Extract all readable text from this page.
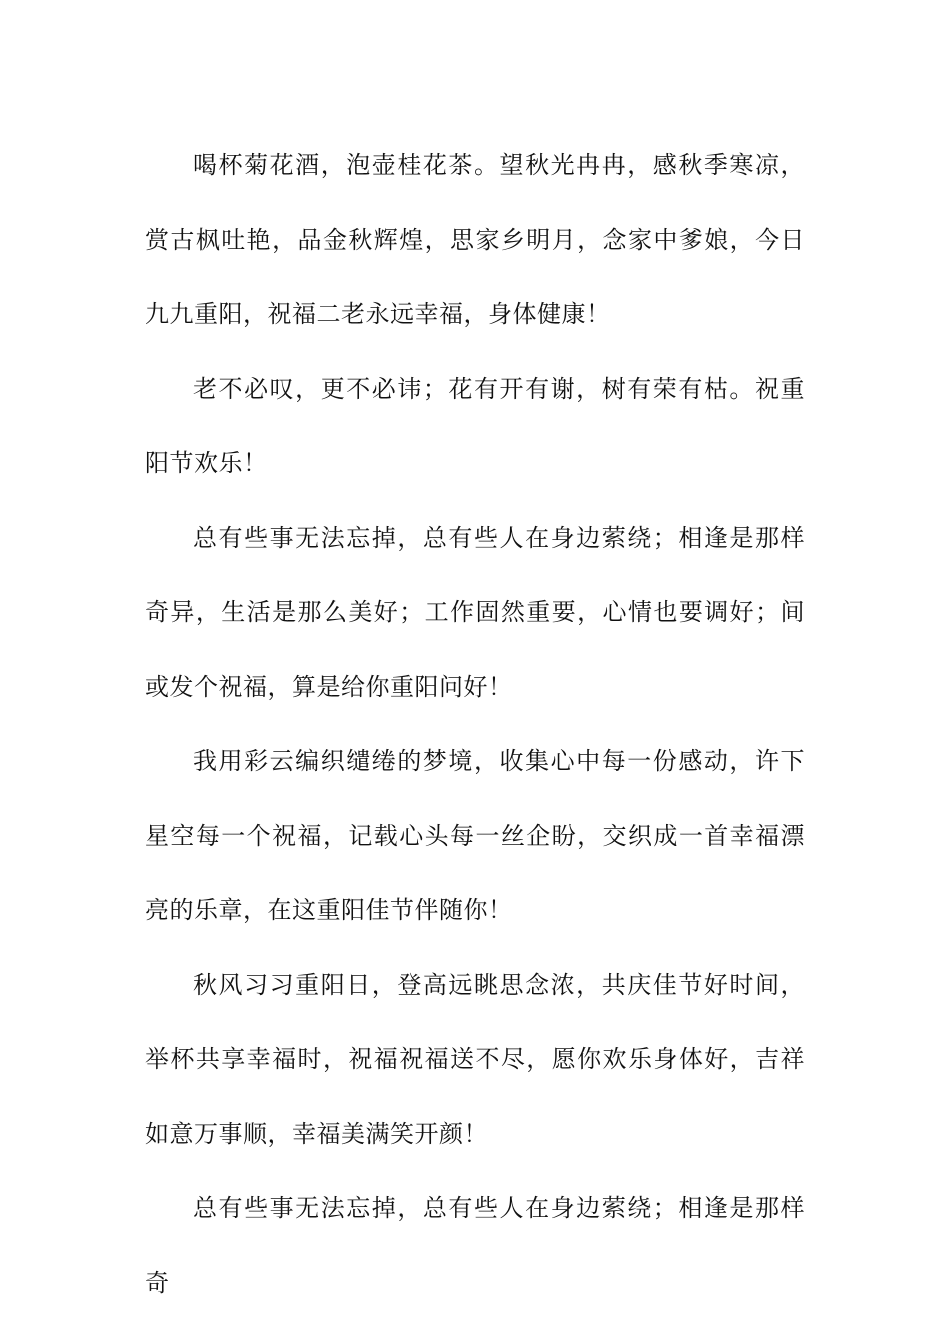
喝杯菊花酒，泡壶桂花茶。望秋光冉冉，感秋季寒凉，赏古枫吐艳，品金秋辉煌，思家乡明月，念家中爹娘，今日九九重阳，祝福二老永远幸福，身体健康！

老不必叹，更不必讳；花有开有谢，树有荣有枯。祝重阳节欢乐！

总有些事无法忘掉，总有些人在身边萦绕；相逢是那样奇异，生活是那么美好；工作固然重要，心情也要调好；间或发个祝福，算是给你重阳问好！

我用彩云编织缱绻的梦境，收集心中每一份感动，许下星空每一个祝福，记载心头每一丝企盼，交织成一首幸福漂亮的乐章，在这重阳佳节伴随你！

秋风习习重阳日，登高远眺思念浓，共庆佳节好时间，举杯共享幸福时，祝福祝福送不尽，愿你欢乐身体好，吉祥如意万事顺，幸福美满笑开颜！

总有些事无法忘掉，总有些人在身边萦绕；相逢是那样奇
